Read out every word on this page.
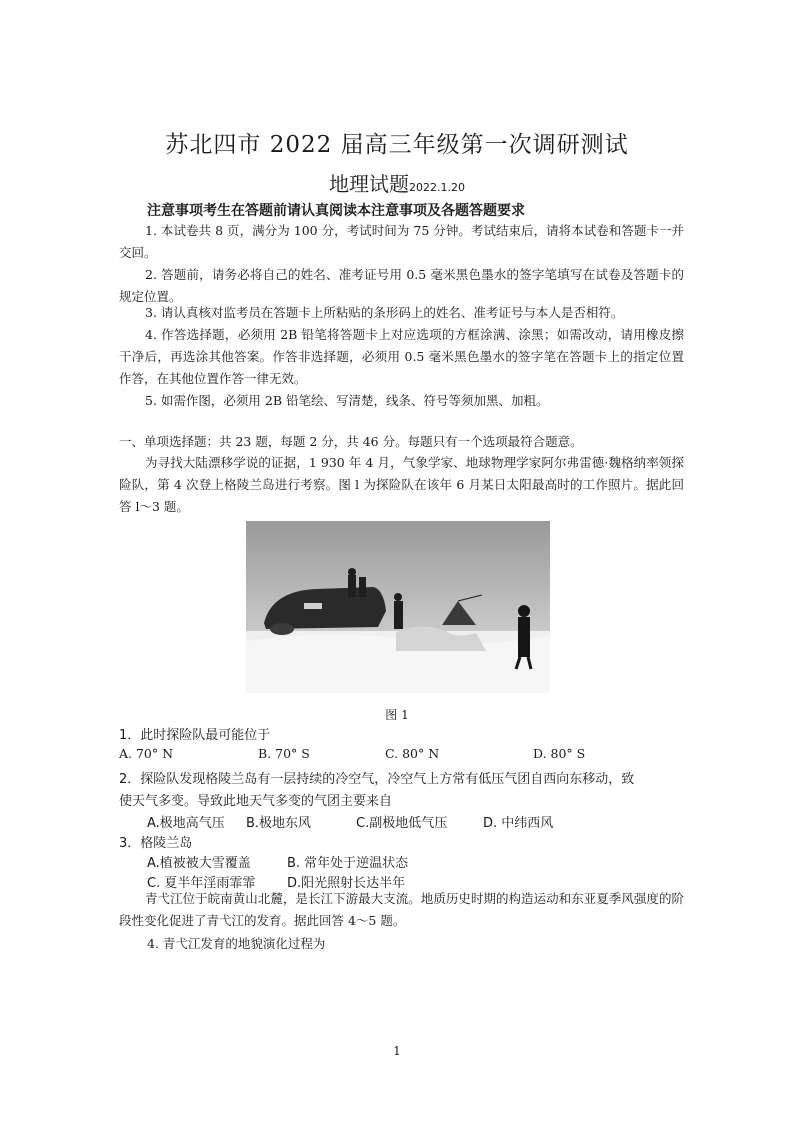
苏北四市 2022 届高三年级第一次调研测试
地理试题2022.1.20
注意事项考生在答题前请认真阅读本注意事项及各题答题要求
1. 本试卷共 8 页，满分为 100 分，考试时间为 75 分钟。考试结束后，请将本试卷和答题卡一并交回。
2. 答题前，请务必将自己的姓名、准考证号用 0.5 毫米黑色墨水的签字笔填写在试卷及答题卡的规定位置。
3. 请认真核对监考员在答题卡上所粘贴的条形码上的姓名、准考证号与本人是否相符。
4. 作答选择题，必须用 2B 铅笔将答题卡上对应选项的方框涂满、涂黑；如需改动，请用橡皮擦干净后，再选涂其他答案。作答非选择题，必须用 0.5 毫米黑色墨水的签字笔在答题卡上的指定位置作答，在其他位置作答一律无效。
5. 如需作图，必须用 2B 铅笔绘、写清楚，线条、符号等须加黑、加粗。
一、单项选择题：共 23 题，每题 2 分，共 46 分。每题只有一个选项最符合题意。
为寻找大陆漂移学说的证据，1 930 年 4 月，气象学家、地球物理学家阿尔弗雷德·魏格纳率领探险队，第 4 次登上格陵兰岛进行考察。图 l 为探险队在该年 6 月某日太阳最高时的工作照片。据此回答 l～3 题。
图 1
1．此时探险队最可能位于
A. 70° N	B. 70° S	C. 80° N	D. 80° S
2．探险队发现格陵兰岛有一层持续的冷空气，冷空气上方常有低压气团自西向东移动，致
使天气多变。导致此地天气多变的气团主要来自
A.极地高气压 B.极地东风	C.副极地低气压	D. 中纬西风
3．格陵兰岛
A.植被被大雪覆盖	B. 常年处于逆温状态
C. 夏半年淫雨霏霏 D.阳光照射长达半年
青弋江位于皖南黄山北麓，是长江下游最大支流。地质历史时期的构造运动和东亚夏季风强度的阶段性变化促进了青弋江的发育。据此回答 4～5 题。
4. 青弋江发育的地貌演化过程为
1
